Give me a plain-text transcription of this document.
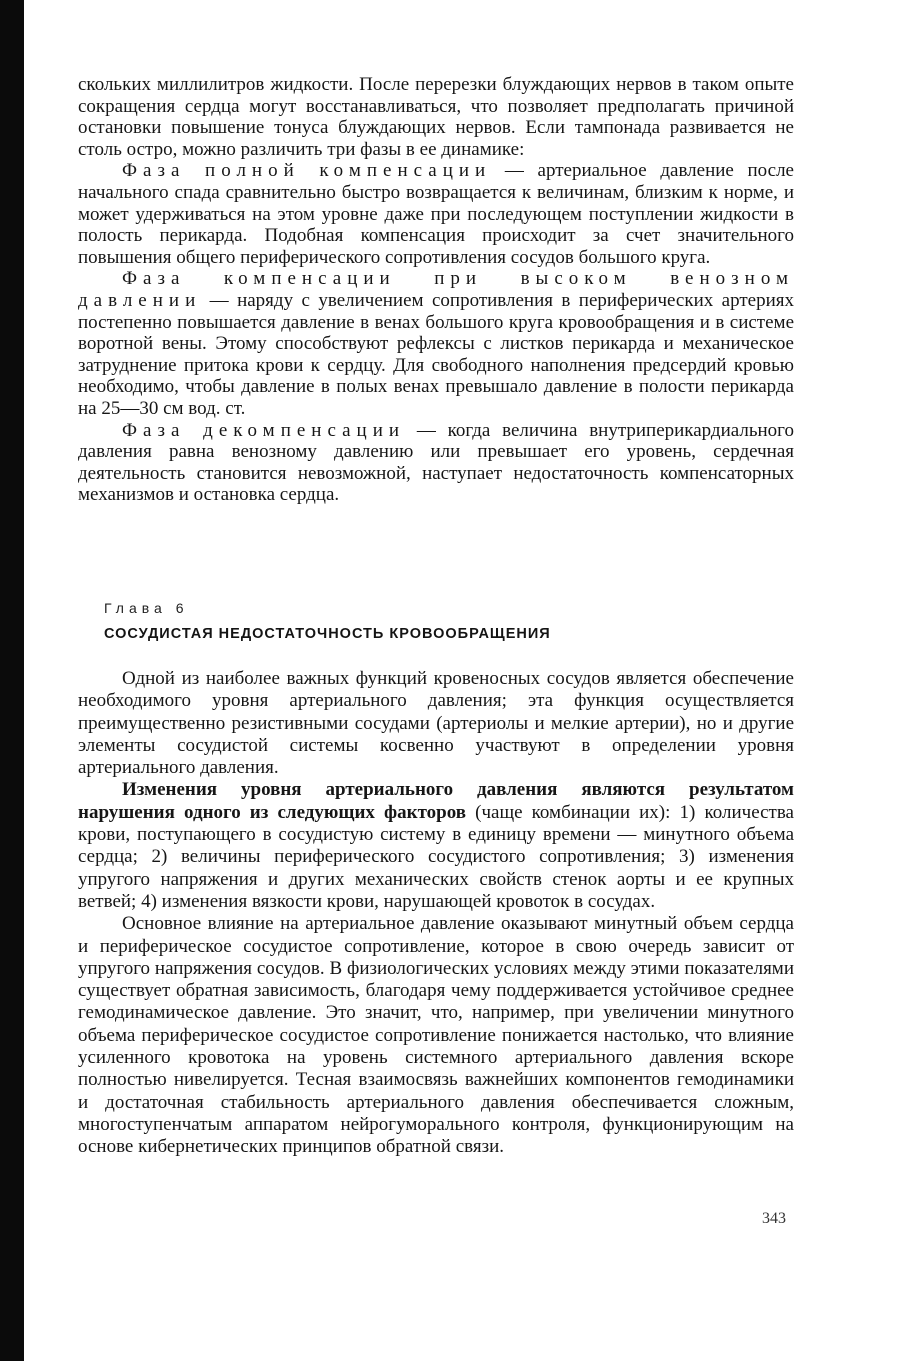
скольких миллилитров жидкости. После перерезки блуждающих нервов в таком опыте сокращения сердца могут восстанавливаться, что позволяет предполагать причиной остановки повышение тонуса блуждающих нервов. Если тампонада развивается не столь остро, можно различить три фазы в ее динамике:

Фаза полной компенсации — артериальное давление после начального спада сравнительно быстро возвращается к величинам, близким к норме, и может удерживаться на этом уровне даже при последующем поступлении жидкости в полость перикарда. Подобная компенсация происходит за счет значительного повышения общего периферического сопротивления сосудов большого круга.

Фаза компенсации при высоком венозном давлении — наряду с увеличением сопротивления в периферических артериях постепенно повышается давление в венах большого круга кровообращения и в системе воротной вены. Этому способствуют рефлексы с листков перикарда и механическое затруднение притока крови к сердцу. Для свободного наполнения предсердий кровью необходимо, чтобы давление в полых венах превышало давление в полости перикарда на 25—30 см вод. ст.

Фаза декомпенсации — когда величина внутриперикардиального давления равна венозному давлению или превышает его уровень, сердечная деятельность становится невозможной, наступает недостаточность компенсаторных механизмов и остановка сердца.

Глава 6
СОСУДИСТАЯ НЕДОСТАТОЧНОСТЬ КРОВООБРАЩЕНИЯ

Одной из наиболее важных функций кровеносных сосудов является обеспечение необходимого уровня артериального давления; эта функция осуществляется преимущественно резистивными сосудами (артериолы и мелкие артерии), но и другие элементы сосудистой системы косвенно участвуют в определении уровня артериального давления.

Изменения уровня артериального давления являются результатом нарушения одного из следующих факторов (чаще комбинации их): 1) количества крови, поступающего в сосудистую систему в единицу времени — минутного объема сердца; 2) величины периферического сосудистого сопротивления; 3) изменения упругого напряжения и других механических свойств стенок аорты и ее крупных ветвей; 4) изменения вязкости крови, нарушающей кровоток в сосудах.

Основное влияние на артериальное давление оказывают минутный объем сердца и периферическое сосудистое сопротивление, которое в свою очередь зависит от упругого напряжения сосудов. В физиологических условиях между этими показателями существует обратная зависимость, благодаря чему поддерживается устойчивое среднее гемодинамическое давление. Это значит, что, например, при увеличении минутного объема периферическое сосудистое сопротивление понижается настолько, что влияние усиленного кровотока на уровень системного артериального давления вскоре полностью нивелируется. Тесная взаимосвязь важнейших компонентов гемодинамики и достаточная стабильность артериального давления обеспечивается сложным, многоступенчатым аппаратом нейрогуморального контроля, функционирующим на основе кибернетических принципов обратной связи.

343
